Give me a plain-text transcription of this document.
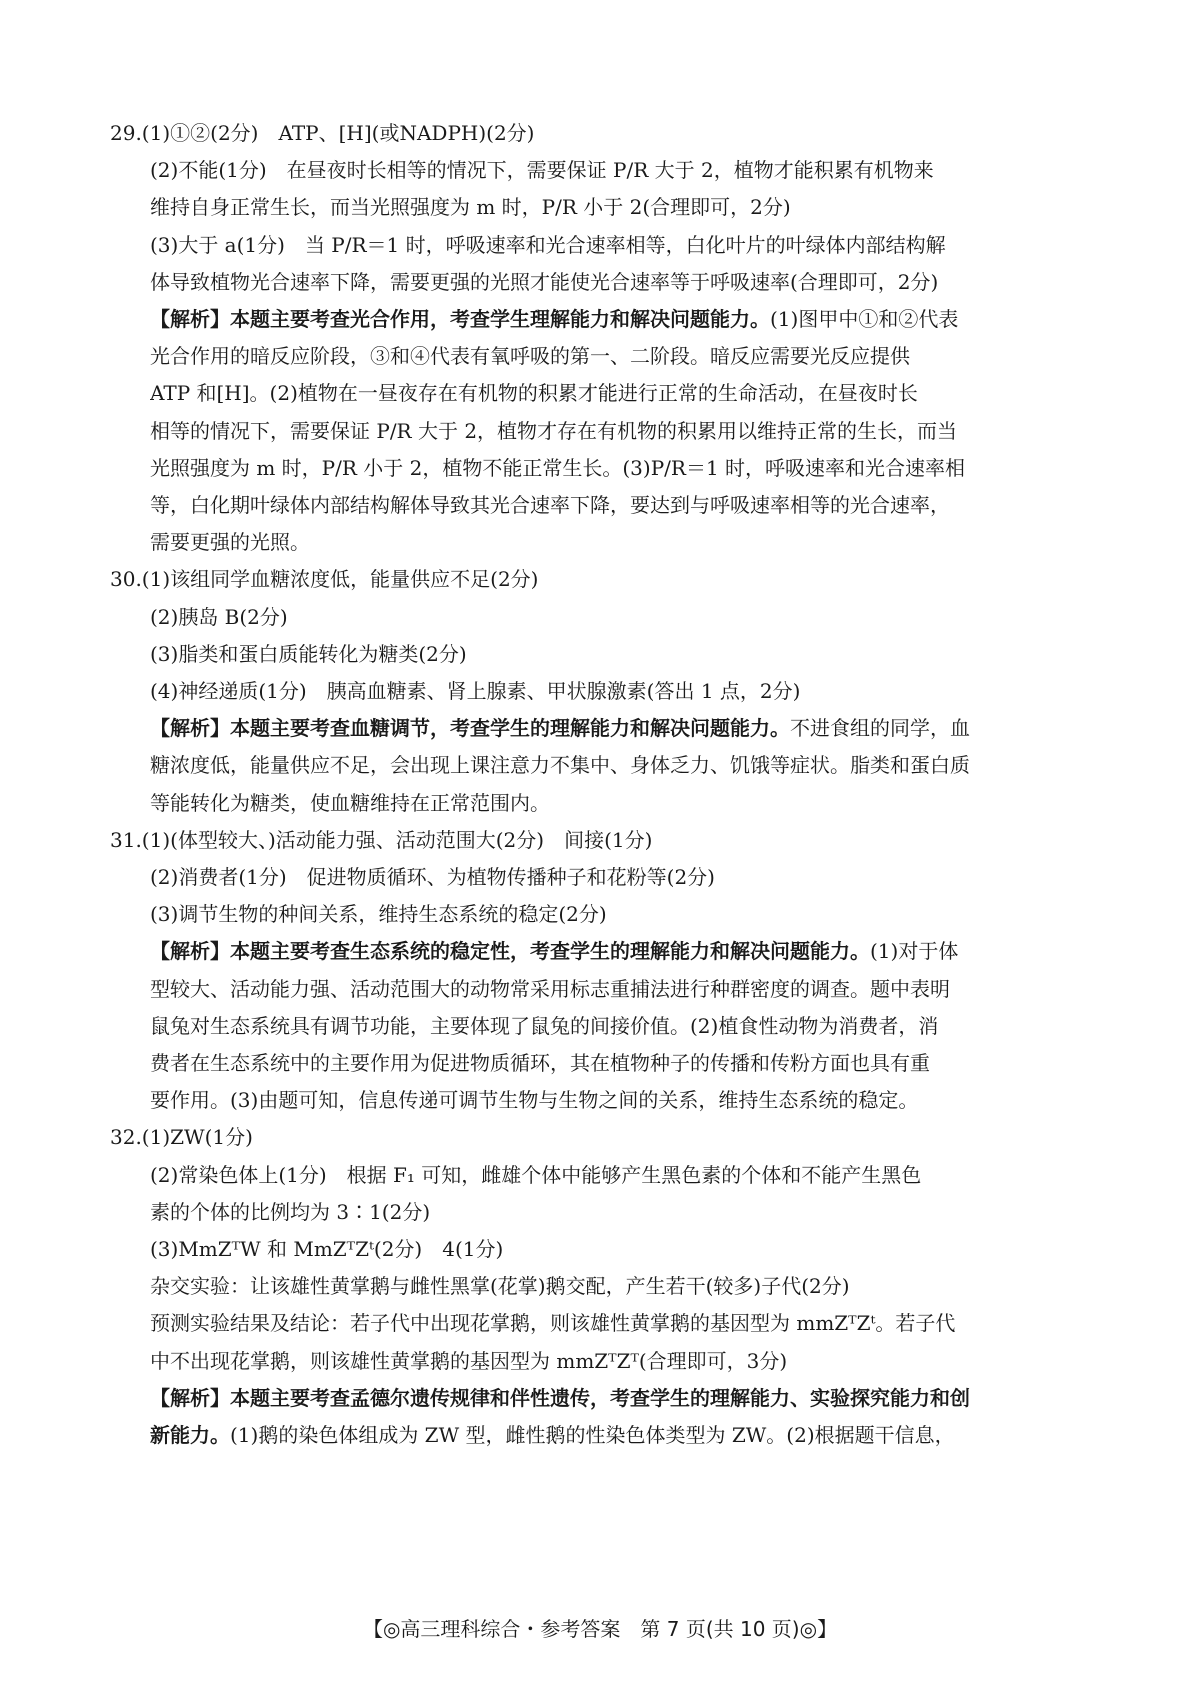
29.(1)①②(2分)　ATP、[H](或NADPH)(2分)
(2)不能(1分)　在昼夜时长相等的情况下，需要保证 P/R 大于 2，植物才能积累有机物来
维持自身正常生长，而当光照强度为 m 时，P/R 小于 2(合理即可，2分)
(3)大于 a(1分)　当 P/R＝1 时，呼吸速率和光合速率相等，白化叶片的叶绿体内部结构解
体导致植物光合速率下降，需要更强的光照才能使光合速率等于呼吸速率(合理即可，2分)
【解析】本题主要考查光合作用，考查学生理解能力和解决问题能力。(1)图甲中①和②代表
光合作用的暗反应阶段，③和④代表有氧呼吸的第一、二阶段。暗反应需要光反应提供
ATP 和[H]。(2)植物在一昼夜存在有机物的积累才能进行正常的生命活动，在昼夜时长
相等的情况下，需要保证 P/R 大于 2，植物才存在有机物的积累用以维持正常的生长，而当
光照强度为 m 时，P/R 小于 2，植物不能正常生长。(3)P/R＝1 时，呼吸速率和光合速率相
等，白化期叶绿体内部结构解体导致其光合速率下降，要达到与呼吸速率相等的光合速率，
需要更强的光照。
30.(1)该组同学血糖浓度低，能量供应不足(2分)
(2)胰岛 B(2分)
(3)脂类和蛋白质能转化为糖类(2分)
(4)神经递质(1分)　胰高血糖素、肾上腺素、甲状腺激素(答出 1 点，2分)
【解析】本题主要考查血糖调节，考查学生的理解能力和解决问题能力。不进食组的同学，血
糖浓度低，能量供应不足，会出现上课注意力不集中、身体乏力、饥饿等症状。脂类和蛋白质
等能转化为糖类，使血糖维持在正常范围内。
31.(1)(体型较大、)活动能力强、活动范围大(2分)　间接(1分)
(2)消费者(1分)　促进物质循环、为植物传播种子和花粉等(2分)
(3)调节生物的种间关系，维持生态系统的稳定(2分)
【解析】本题主要考查生态系统的稳定性，考查学生的理解能力和解决问题能力。(1)对于体
型较大、活动能力强、活动范围大的动物常采用标志重捕法进行种群密度的调查。题中表明
鼠兔对生态系统具有调节功能，主要体现了鼠兔的间接价值。(2)植食性动物为消费者，消
费者在生态系统中的主要作用为促进物质循环，其在植物种子的传播和传粉方面也具有重
要作用。(3)由题可知，信息传递可调节生物与生物之间的关系，维持生态系统的稳定。
32.(1)ZW(1分)
(2)常染色体上(1分)　根据 F₁ 可知，雌雄个体中能够产生黑色素的个体和不能产生黑色
素的个体的比例均为 3∶1(2分)
(3)MmZᵀW 和 MmZᵀZᵗ(2分)　4(1分)
杂交实验：让该雄性黄掌鹅与雌性黑掌(花掌)鹅交配，产生若干(较多)子代(2分)
预测实验结果及结论：若子代中出现花掌鹅，则该雄性黄掌鹅的基因型为 mmZᵀZᵗ。若子代
中不出现花掌鹅，则该雄性黄掌鹅的基因型为 mmZᵀZᵀ(合理即可，3分)
【解析】本题主要考查孟德尔遗传规律和伴性遗传，考查学生的理解能力、实验探究能力和创
新能力。(1)鹅的染色体组成为 ZW 型，雌性鹅的性染色体类型为 ZW。(2)根据题干信息，
【◎高三理科综合・参考答案　第 7 页(共 10 页)◎】
